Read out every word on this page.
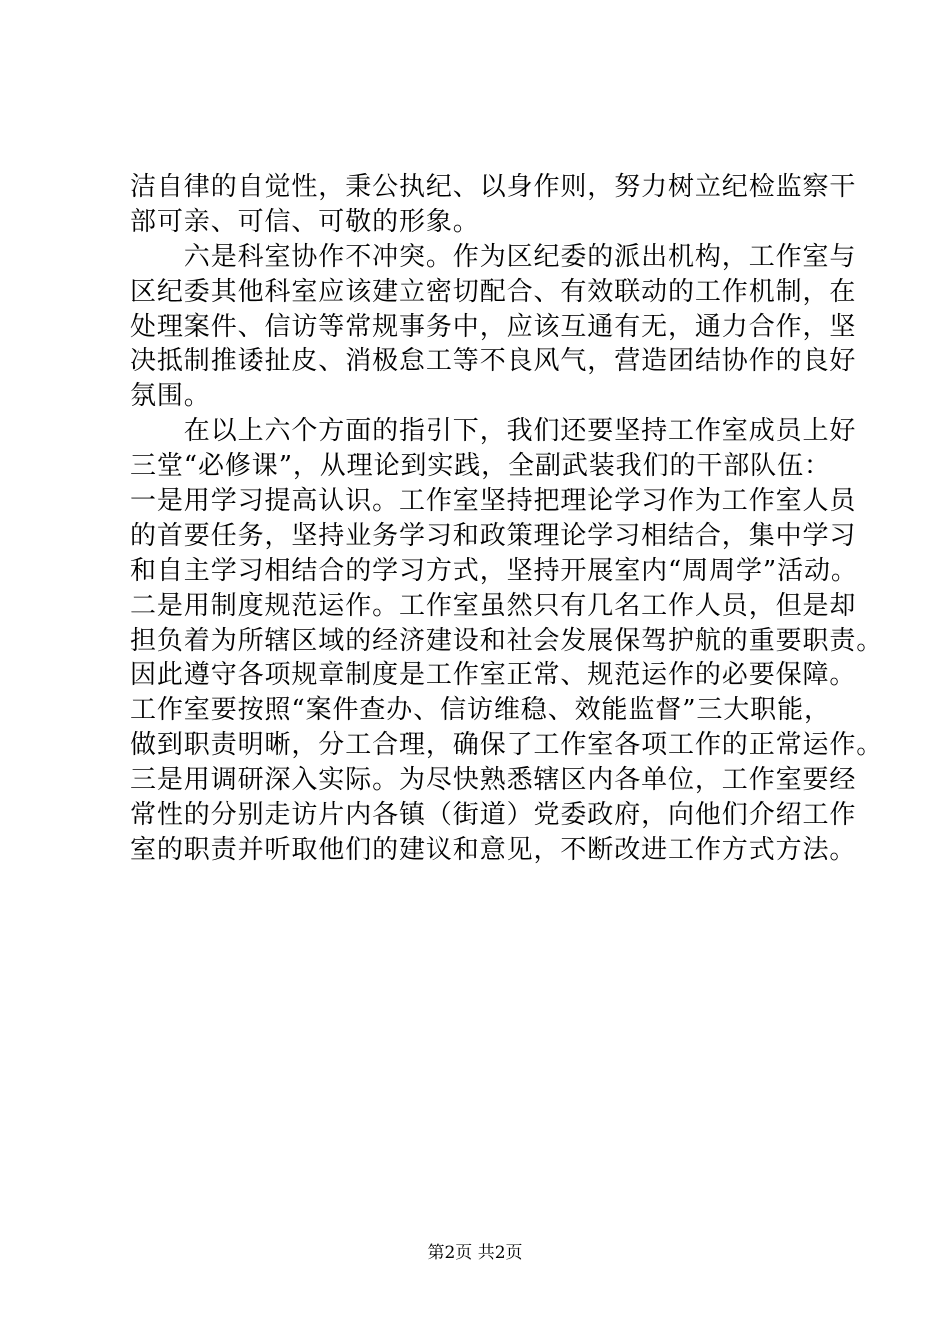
洁自律的自觉性，秉公执纪、以身作则，努力树立纪检监察干
部可亲、可信、可敬的形象。
　　六是科室协作不冲突。作为区纪委的派出机构，工作室与
区纪委其他科室应该建立密切配合、有效联动的工作机制，在
处理案件、信访等常规事务中，应该互通有无，通力合作，坚
决抵制推诿扯皮、消极怠工等不良风气，营造团结协作的良好
氛围。
　　在以上六个方面的指引下，我们还要坚持工作室成员上好
三堂“必修课”，从理论到实践，全副武装我们的干部队伍：
一是用学习提高认识。工作室坚持把理论学习作为工作室人员
的首要任务，坚持业务学习和政策理论学习相结合，集中学习
和自主学习相结合的学习方式，坚持开展室内“周周学”活动。
二是用制度规范运作。工作室虽然只有几名工作人员，但是却
担负着为所辖区域的经济建设和社会发展保驾护航的重要职责。
因此遵守各项规章制度是工作室正常、规范运作的必要保障。
工作室要按照“案件查办、信访维稳、效能监督”三大职能，
做到职责明晰，分工合理，确保了工作室各项工作的正常运作。
三是用调研深入实际。为尽快熟悉辖区内各单位，工作室要经
常性的分别走访片内各镇（街道）党委政府，向他们介绍工作
室的职责并听取他们的建议和意见，不断改进工作方式方法。
第2页 共2页
